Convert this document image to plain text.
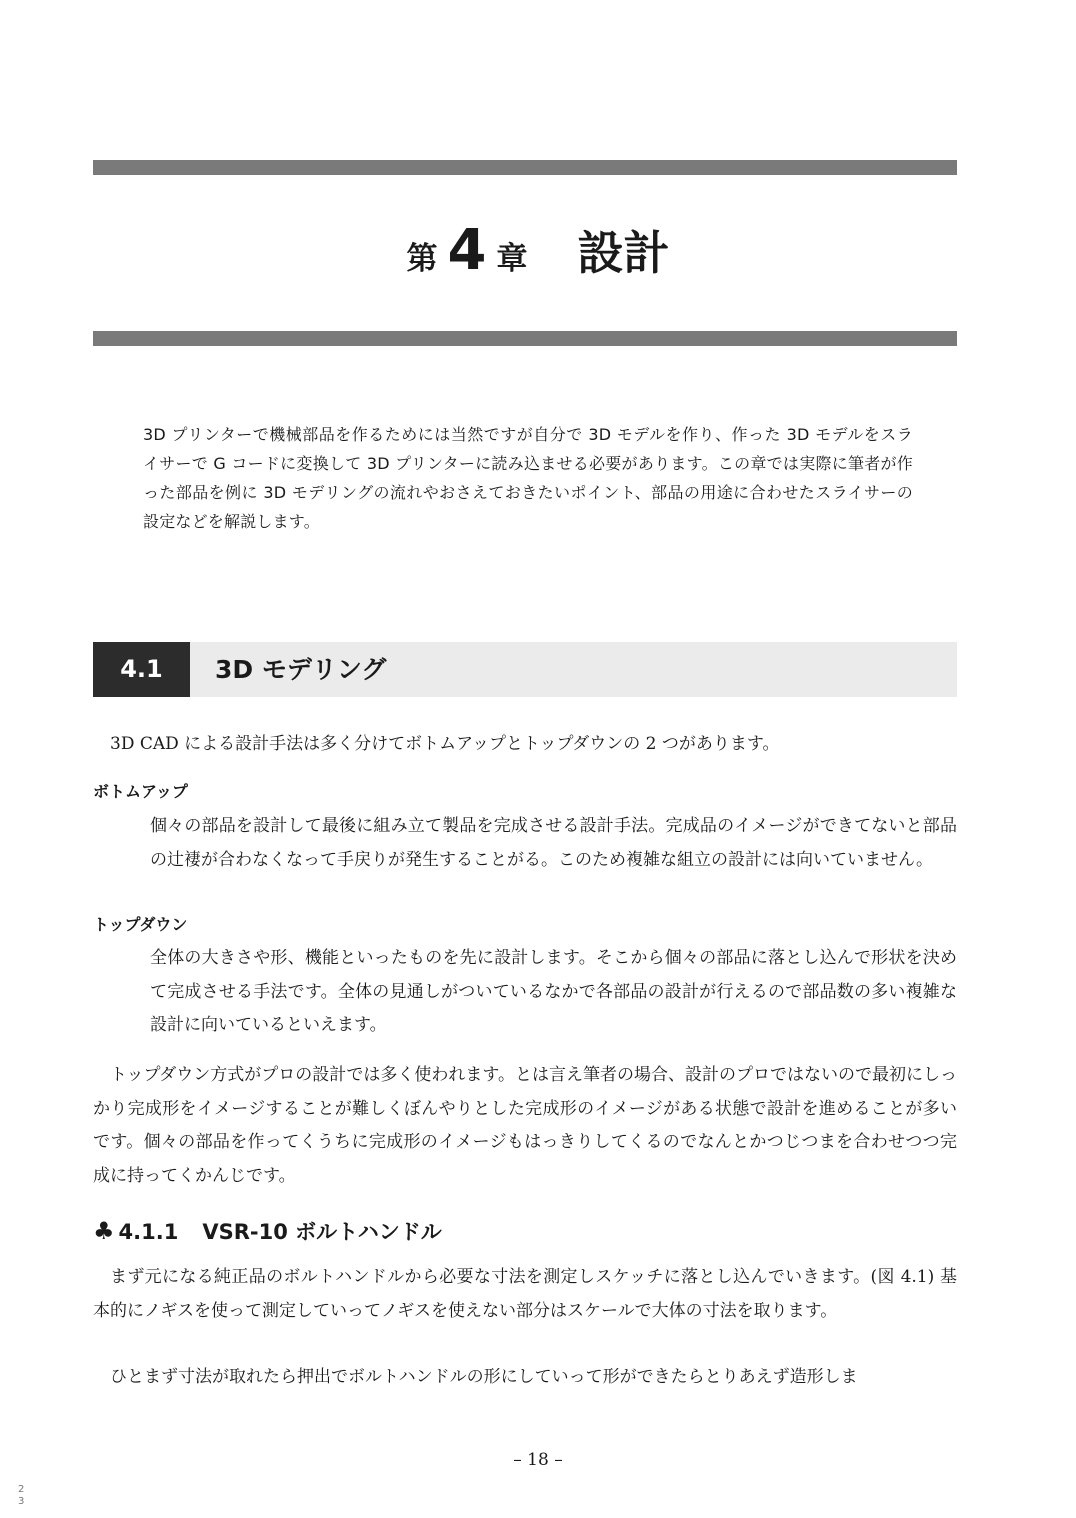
第 4 章 設計
3D プリンターで機械部品を作るためには当然ですが自分で 3D モデルを作り、作った 3D モデルをスライサーで G コードに変換して 3D プリンターに読み込ませる必要があります。この章では実際に筆者が作った部品を例に 3D モデリングの流れやおさえておきたいポイント、部品の用途に合わせたスライサーの設定などを解説します。
4.1	3D モデリング
3D CAD による設計手法は多く分けてボトムアップとトップダウンの 2 つがあります。
ボトムアップ
個々の部品を設計して最後に組み立て製品を完成させる設計手法。完成品のイメージができてないと部品の辻褄が合わなくなって手戻りが発生することがる。このため複雑な組立の設計には向いていません。
トップダウン
全体の大きさや形、機能といったものを先に設計します。そこから個々の部品に落とし込んで形状を決めて完成させる手法です。全体の見通しがついているなかで各部品の設計が行えるので部品数の多い複雑な設計に向いているといえます。
トップダウン方式がプロの設計では多く使われます。とは言え筆者の場合、設計のプロではないので最初にしっかり完成形をイメージすることが難しくぼんやりとした完成形のイメージがある状態で設計を進めることが多いです。個々の部品を作ってくうちに完成形のイメージもはっきりしてくるのでなんとかつじつまを合わせつつ完成に持ってくかんじです。
♣ 4.1.1 VSR-10 ボルトハンドル
まず元になる純正品のボルトハンドルから必要な寸法を測定しスケッチに落とし込んでいきます。(図 4.1) 基本的にノギスを使って測定していってノギスを使えない部分はスケールで大体の寸法を取ります。
ひとまず寸法が取れたら押出でボルトハンドルの形にしていって形ができたらとりあえず造形しま
– 18 –
23
